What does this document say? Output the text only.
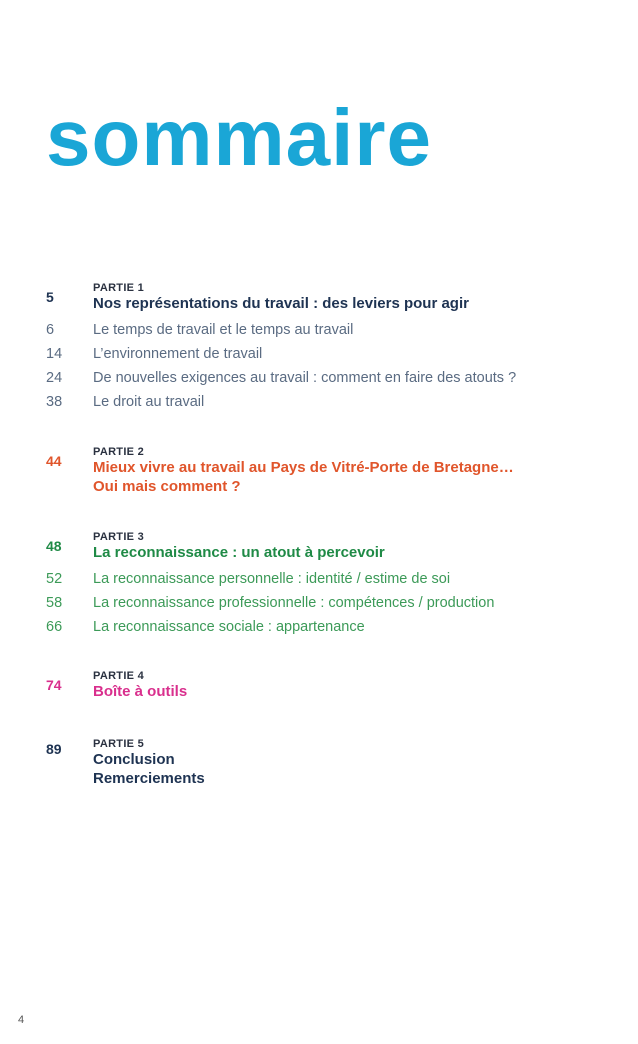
sommaire
5
PARTIE 1
Nos représentations du travail : des leviers pour agir
6	Le temps de travail et le temps au travail
14 L’environnement de travail
24 De nouvelles exigences au travail : comment en faire des atouts ?
38 Le droit au travail
44
PARTIE 2
Mieux vivre au travail au Pays de Vitré-Porte de Bretagne…
Oui mais comment ?
48
PARTIE 3
La reconnaissance : un atout à percevoir
52 La reconnaissance personnelle : identité / estime de soi
58 La reconnaissance professionnelle : compétences / production
66 La reconnaissance sociale : appartenance
74
PARTIE 4
Boîte à outils
89	PARTIE 5
Conclusion
Remerciements
4
